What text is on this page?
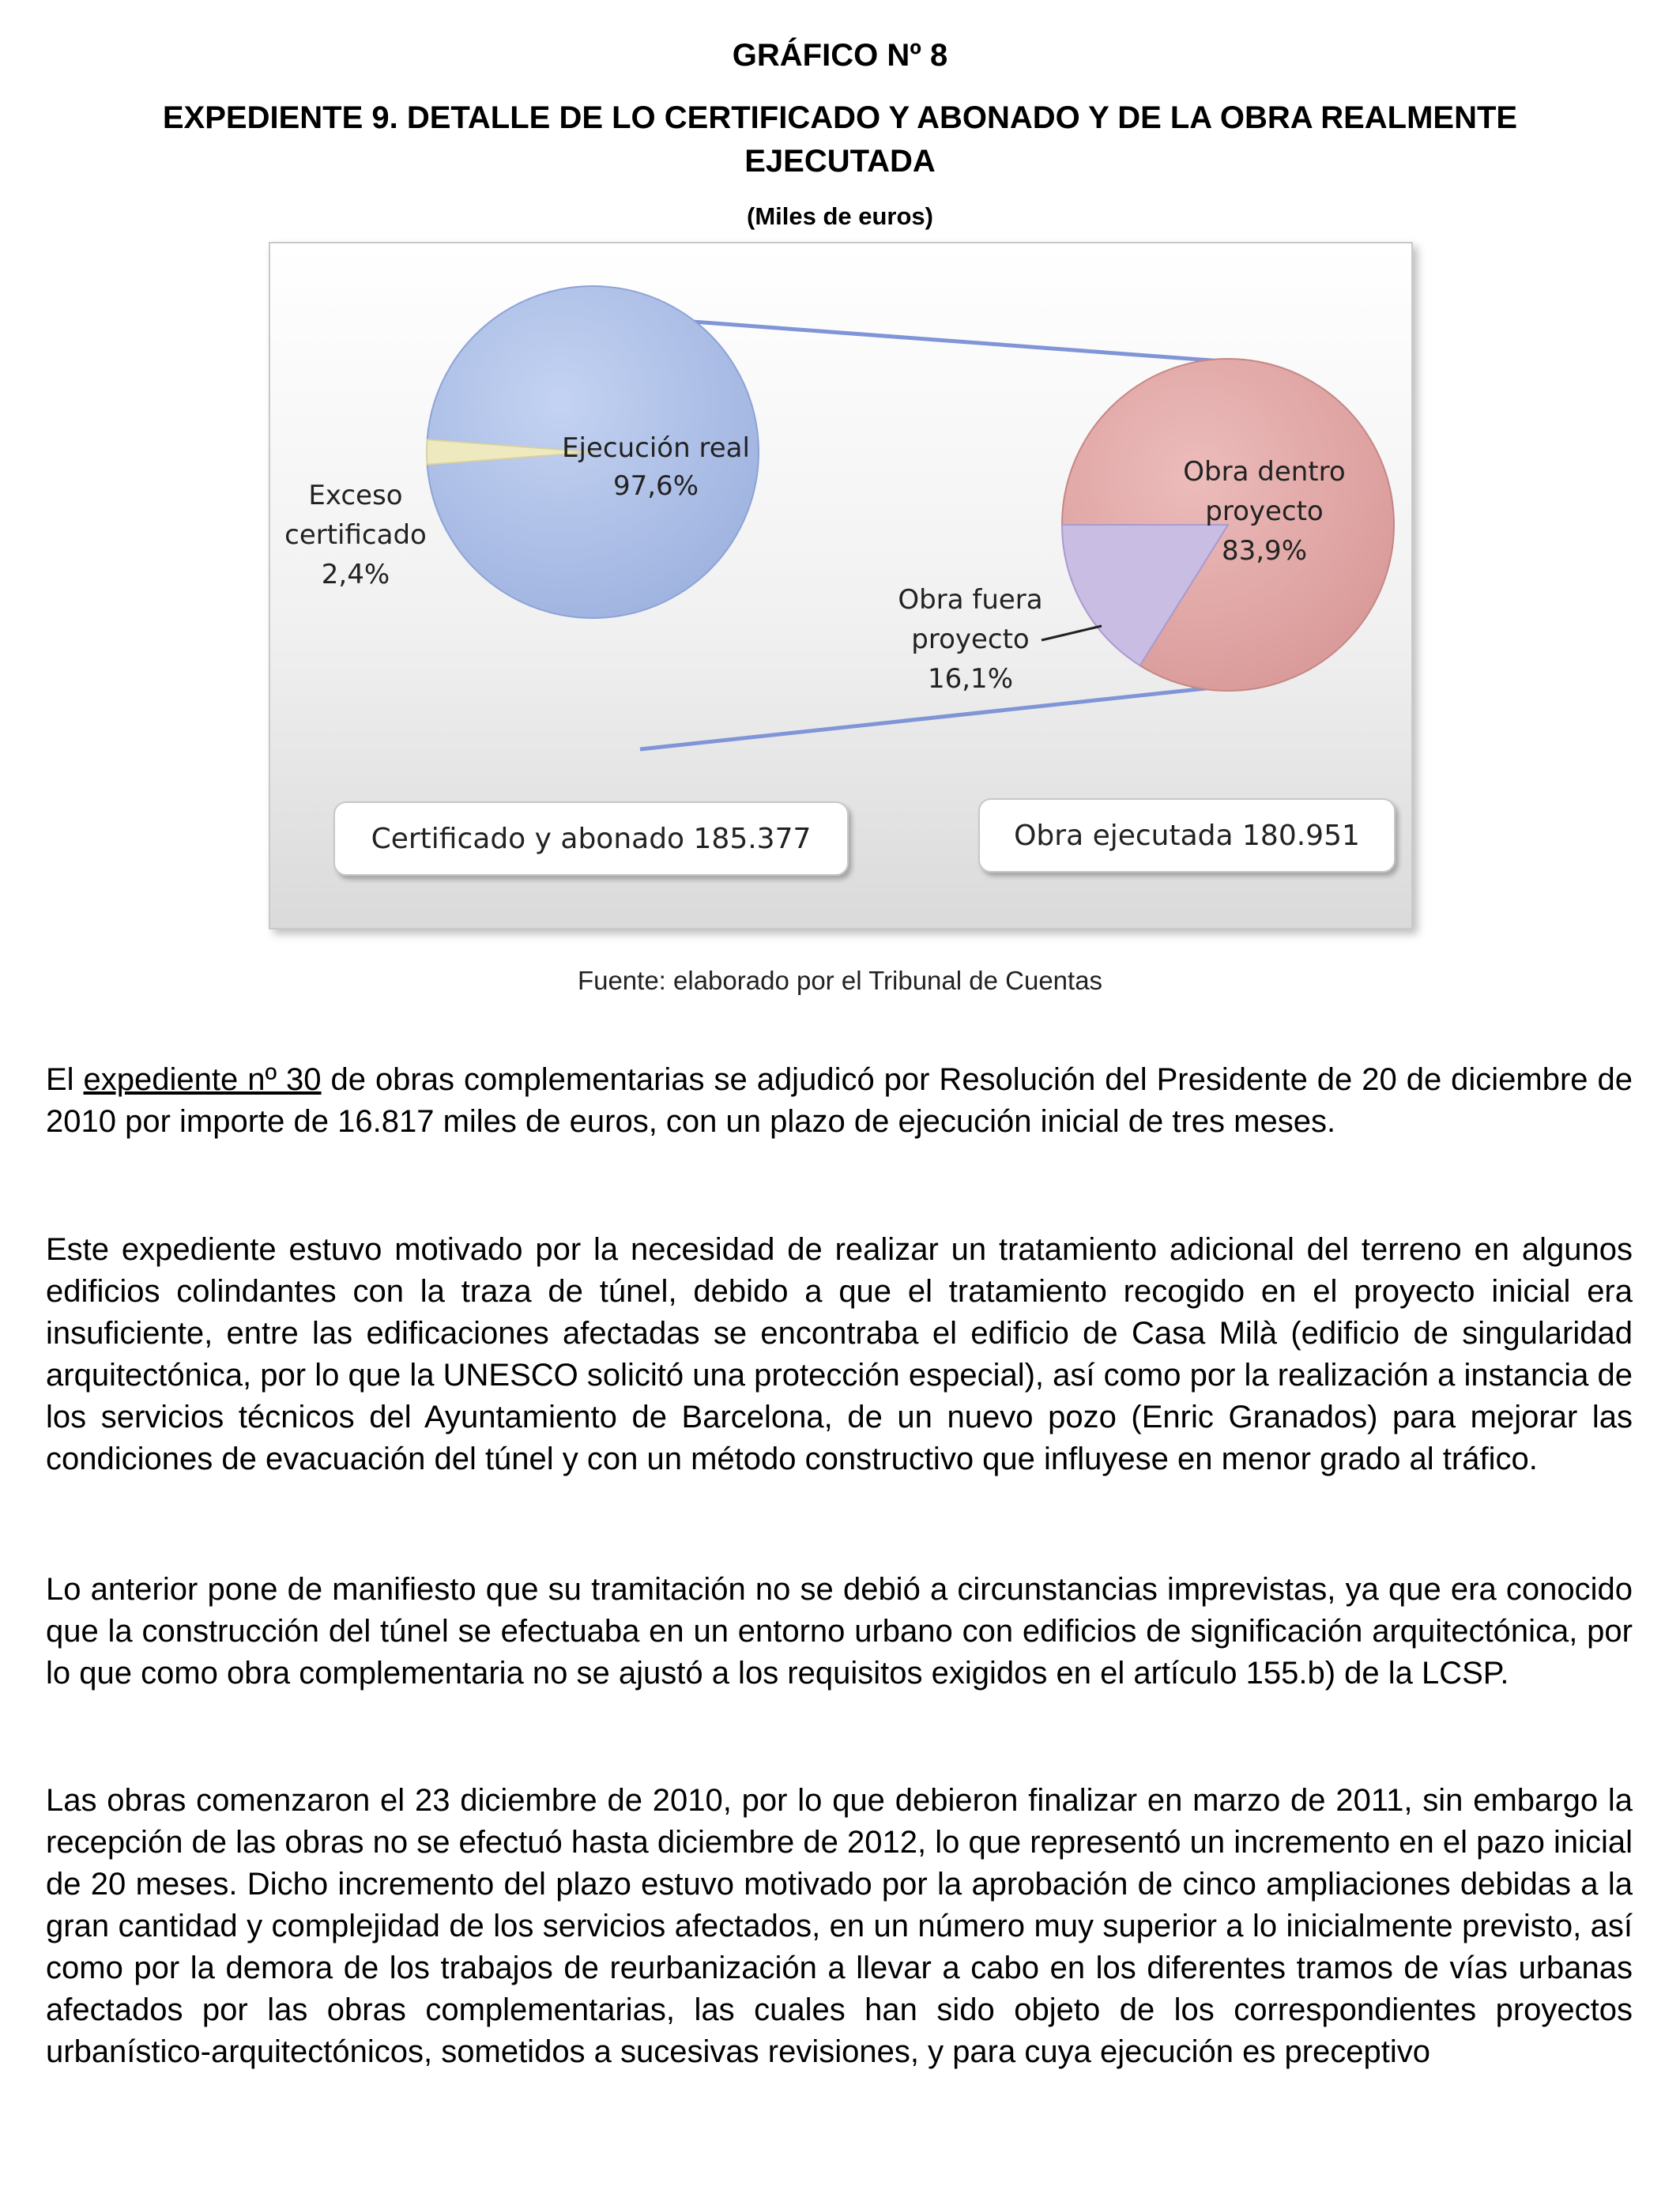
GRÁFICO Nº 8
EXPEDIENTE 9. DETALLE DE LO CERTIFICADO Y ABONADO Y DE LA OBRA REALMENTE
EJECUTADA
(Miles de euros)
Ejecución real
97,6%
Exceso
certificado
2,4%
Obra dentro
proyecto
83,9%
Obra fuera
proyecto
16,1%
Certificado y abonado 185.377	Obra ejecutada 180.951
Fuente: elaborado por el Tribunal de Cuentas

El expediente nº 30 de obras complementarias se adjudicó por Resolución del Presidente de 20 de diciembre de 2010 por importe de 16.817 miles de euros, con un plazo de ejecución inicial de tres meses.

Este expediente estuvo motivado por la necesidad de realizar un tratamiento adicional del terreno en algunos edificios colindantes con la traza de túnel, debido a que el tratamiento recogido en el proyecto inicial era insuficiente, entre las edificaciones afectadas se encontraba el edificio de Casa Milà (edificio de singularidad arquitectónica, por lo que la UNESCO solicitó una protección especial), así como por la realización a instancia de los servicios técnicos del Ayuntamiento de Barcelona, de un nuevo pozo (Enric Granados) para mejorar las condiciones de evacuación del túnel y con un método constructivo que influyese en menor grado al tráfico.

Lo anterior pone de manifiesto que su tramitación no se debió a circunstancias imprevistas, ya que era conocido que la construcción del túnel se efectuaba en un entorno urbano con edificios de significación arquitectónica, por lo que como obra complementaria no se ajustó a los requisitos exigidos en el artículo 155.b) de la LCSP.

Las obras comenzaron el 23 diciembre de 2010, por lo que debieron finalizar en marzo de 2011, sin embargo la recepción de las obras no se efectuó hasta diciembre de 2012, lo que representó un incremento en el pazo inicial de 20 meses. Dicho incremento del plazo estuvo motivado por la aprobación de cinco ampliaciones debidas a la gran cantidad y complejidad de los servicios afectados, en un número muy superior a lo inicialmente previsto, así como por la demora de los trabajos de reurbanización a llevar a cabo en los diferentes tramos de vías urbanas afectados por las obras complementarias, las cuales han sido objeto de los correspondientes proyectos urbanístico-arquitectónicos, sometidos a sucesivas revisiones, y para cuya ejecución es preceptivo
